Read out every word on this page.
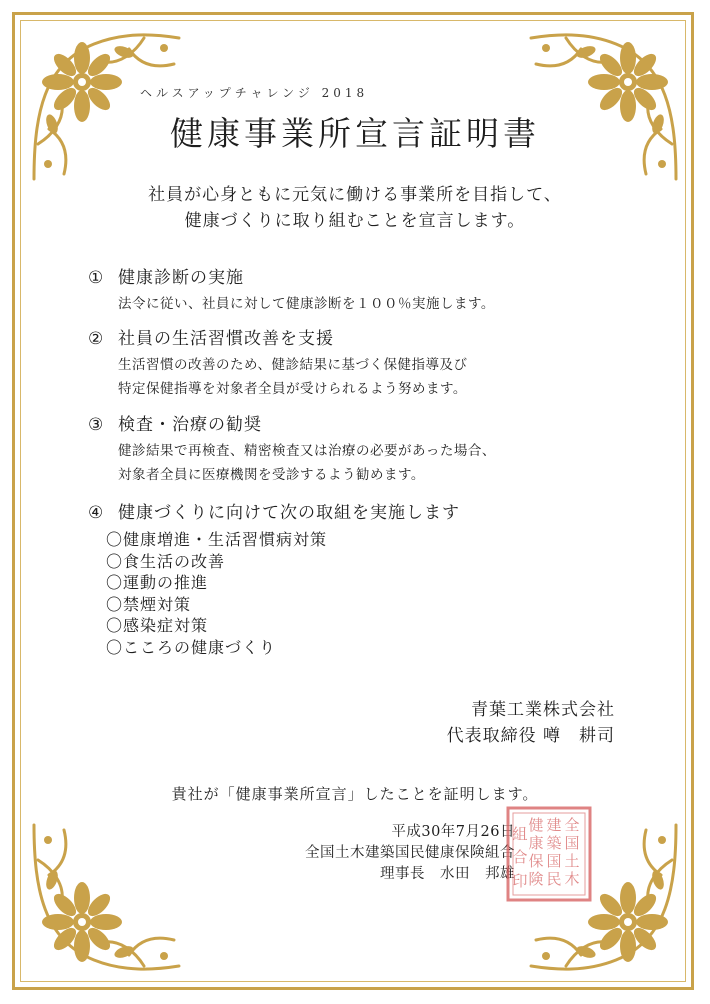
ヘルスアップチャレンジ 2018
健康事業所宣言証明書
社員が心身ともに元気に働ける事業所を目指して、
健康づくりに取り組むことを宣言します。
① 健康診断の実施
法令に従い、社員に対して健康診断を１００％実施します。
② 社員の生活習慣改善を支援
生活習慣の改善のため、健診結果に基づく保健指導及び
特定保健指導を対象者全員が受けられるよう努めます。
③ 検査・治療の勧奨
健診結果で再検査、精密検査又は治療の必要があった場合、
対象者全員に医療機関を受診するよう勧めます。
④ 健康づくりに向けて次の取組を実施します
〇健康増進・生活習慣病対策
〇食生活の改善
〇運動の推進
〇禁煙対策
〇感染症対策
〇こころの健康づくり
青葉工業株式会社
代表取締役 噂　耕司
貴社が「健康事業所宣言」したことを証明します。
平成30年7月26日
全国土木建築国民健康保険組合
理事長　水田　邦雄
全
国
土
木
建
築
国
民
健
康
保
険
組
合
印
